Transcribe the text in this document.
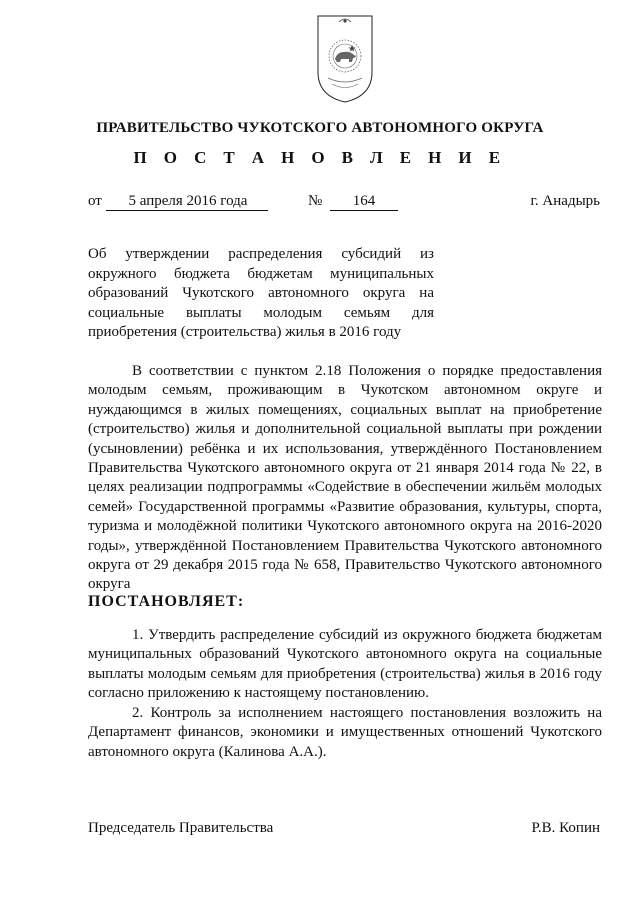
ПРАВИТЕЛЬСТВО ЧУКОТСКОГО АВТОНОМНОГО ОКРУГА
П О С Т А Н О В Л Е Н И Е
от	5 апреля 2016 года	№	164	г. Анадырь
Об утверждении распределения субсидий из окружного бюджета бюджетам муниципальных образований Чукотского автономного округа на социальные выплаты молодым семьям для приобретения (строительства) жилья в 2016 году

В соответствии с пунктом 2.18 Положения о порядке предоставления молодым семьям, проживающим в Чукотском автономном округе и нуждающимся в жилых помещениях, социальных выплат на приобретение (строительство) жилья и дополнительной социальной выплаты при рождении (усыновлении) ребёнка и их использования, утверждённого Постановлением Правительства Чукотского автономного округа от 21 января 2014 года № 22, в целях реализации подпрограммы «Содействие в обеспечении жильём молодых семей» Государственной программы «Развитие образования, культуры, спорта, туризма и молодёжной политики Чукотского автономного округа на 2016-2020 годы», утверждённой Постановлением Правительства Чукотского автономного округа от 29 декабря 2015 года № 658, Правительство Чукотского автономного округа

ПОСТАНОВЛЯЕТ:

1. Утвердить распределение субсидий из окружного бюджета бюджетам муниципальных образований Чукотского автономного округа на социальные выплаты молодым семьям для приобретения (строительства) жилья в 2016 году согласно приложению к настоящему постановлению.

2. Контроль за исполнением настоящего постановления возложить на Департамент финансов, экономики и имущественных отношений Чукотского автономного округа (Калинова А.А.).

Председатель Правительства	Р.В. Копин
